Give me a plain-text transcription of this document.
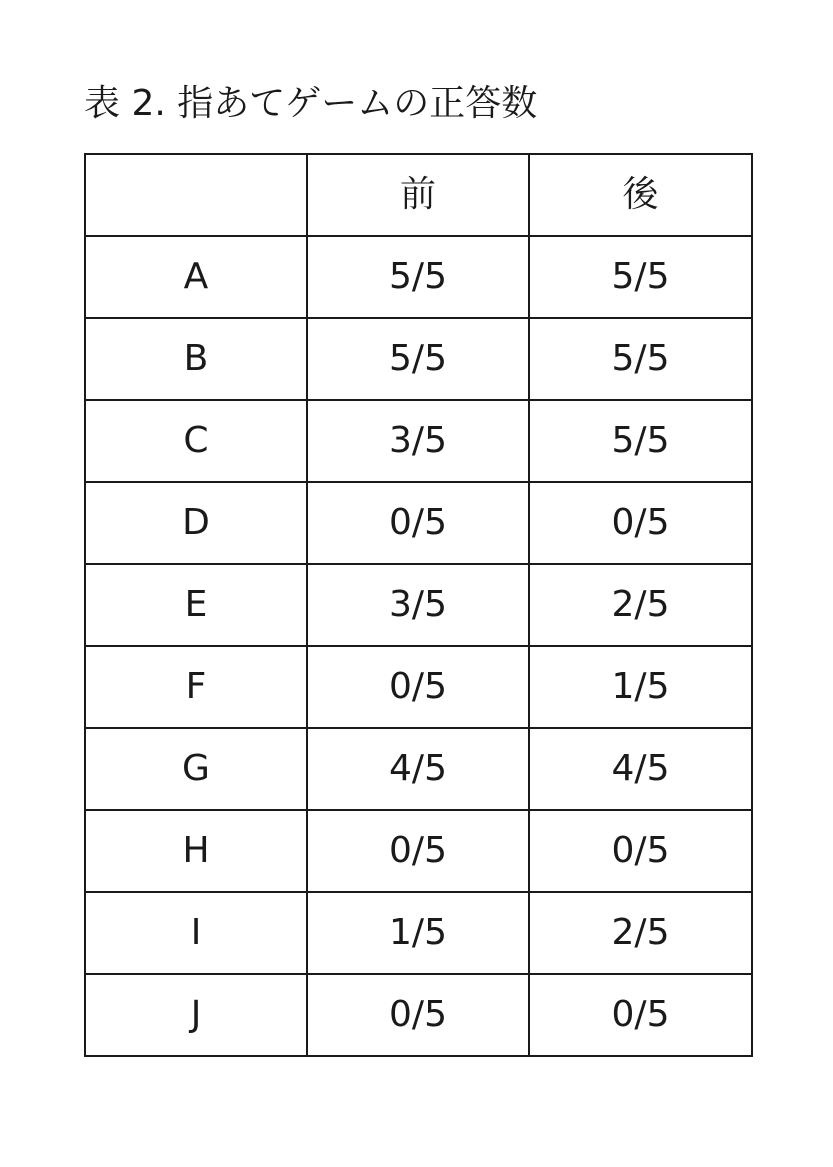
表 2. 指あてゲームの正答数
	前	後
A	5/5	5/5
B	5/5	5/5
C	3/5	5/5
D	0/5	0/5
E	3/5	2/5
F	0/5	1/5
G	4/5	4/5
H	0/5	0/5
I	1/5	2/5
J	0/5	0/5
